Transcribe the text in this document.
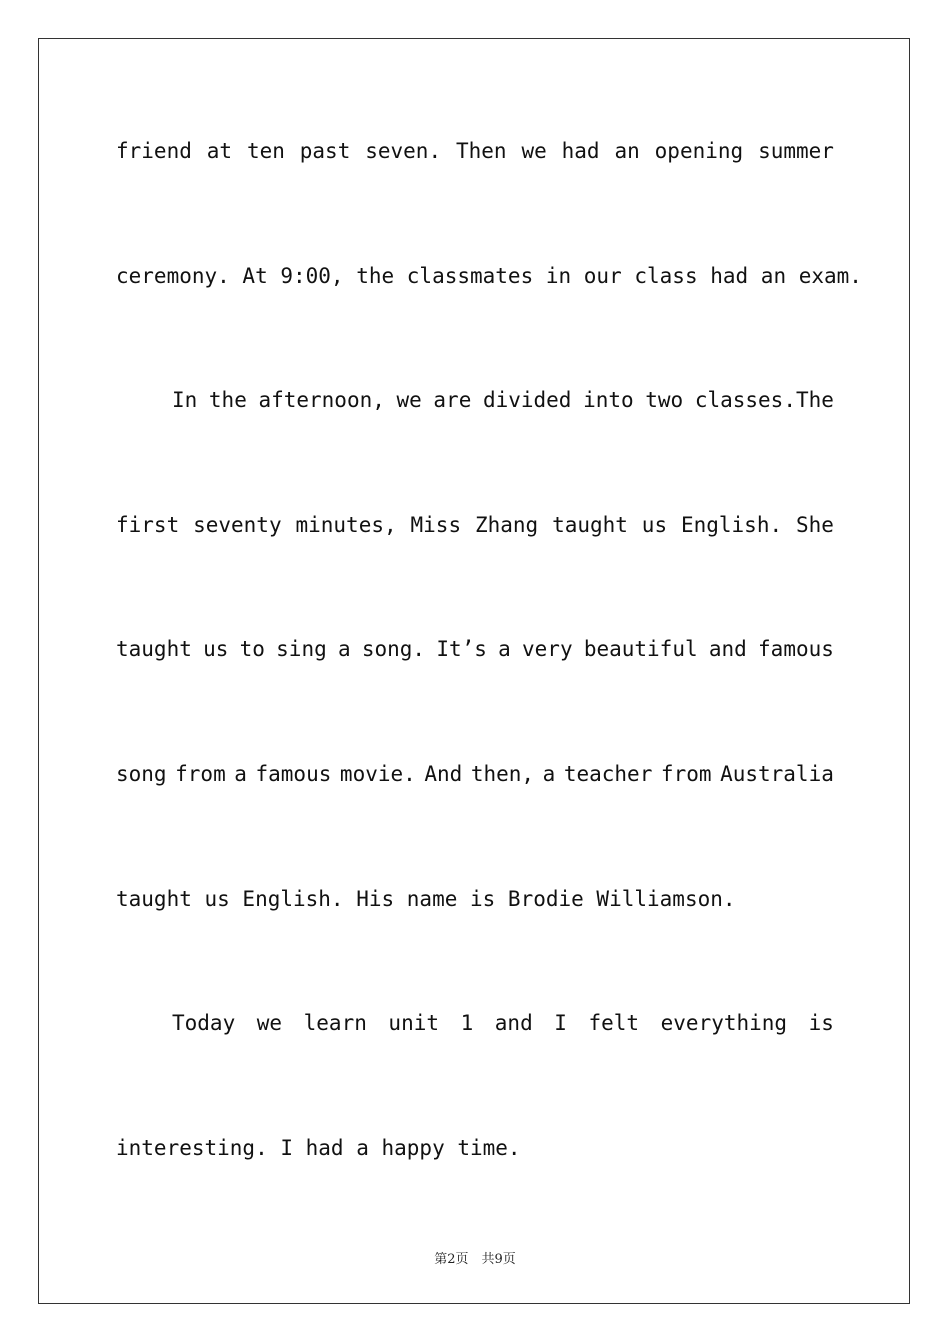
friend at ten past seven. Then we had an opening summer
ceremony. At 9:00, the classmates in our class had an exam.
In the afternoon, we are divided into two classes.The
first seventy minutes, Miss Zhang taught us English. She
taught us to sing a song. It’s a very beautiful and famous
song from a famous movie. And then, a teacher from Australia
taught us English. His name is Brodie Williamson.
Today we learn unit 1 and I felt everything is
interesting. I had a happy time.
第2页　共9页
